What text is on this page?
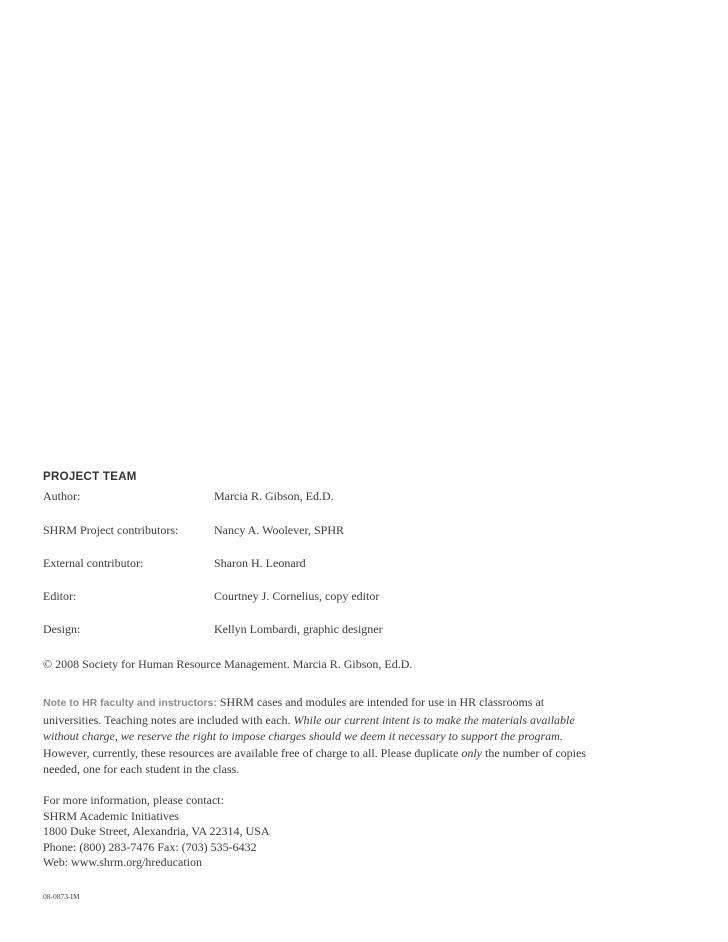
PROJECT TEAM
Author:	Marcia R. Gibson, Ed.D.
SHRM Project contributors:	Nancy A. Woolever, SPHR
External contributor:	Sharon H. Leonard
Editor:	Courtney J. Cornelius, copy editor
Design:	Kellyn Lombardi, graphic designer
© 2008 Society for Human Resource Management. Marcia R. Gibson, Ed.D.
Note to HR faculty and instructors: SHRM cases and modules are intended for use in HR classrooms at universities. Teaching notes are included with each. While our current intent is to make the materials available without charge, we reserve the right to impose charges should we deem it necessary to support the program. However, currently, these resources are available free of charge to all. Please duplicate only the number of copies needed, one for each student in the class.
For more information, please contact:
SHRM Academic Initiatives
1800 Duke Street, Alexandria, VA 22314, USA
Phone: (800) 283-7476 Fax: (703) 535-6432
Web: www.shrm.org/hreducation
08-0873-IM
